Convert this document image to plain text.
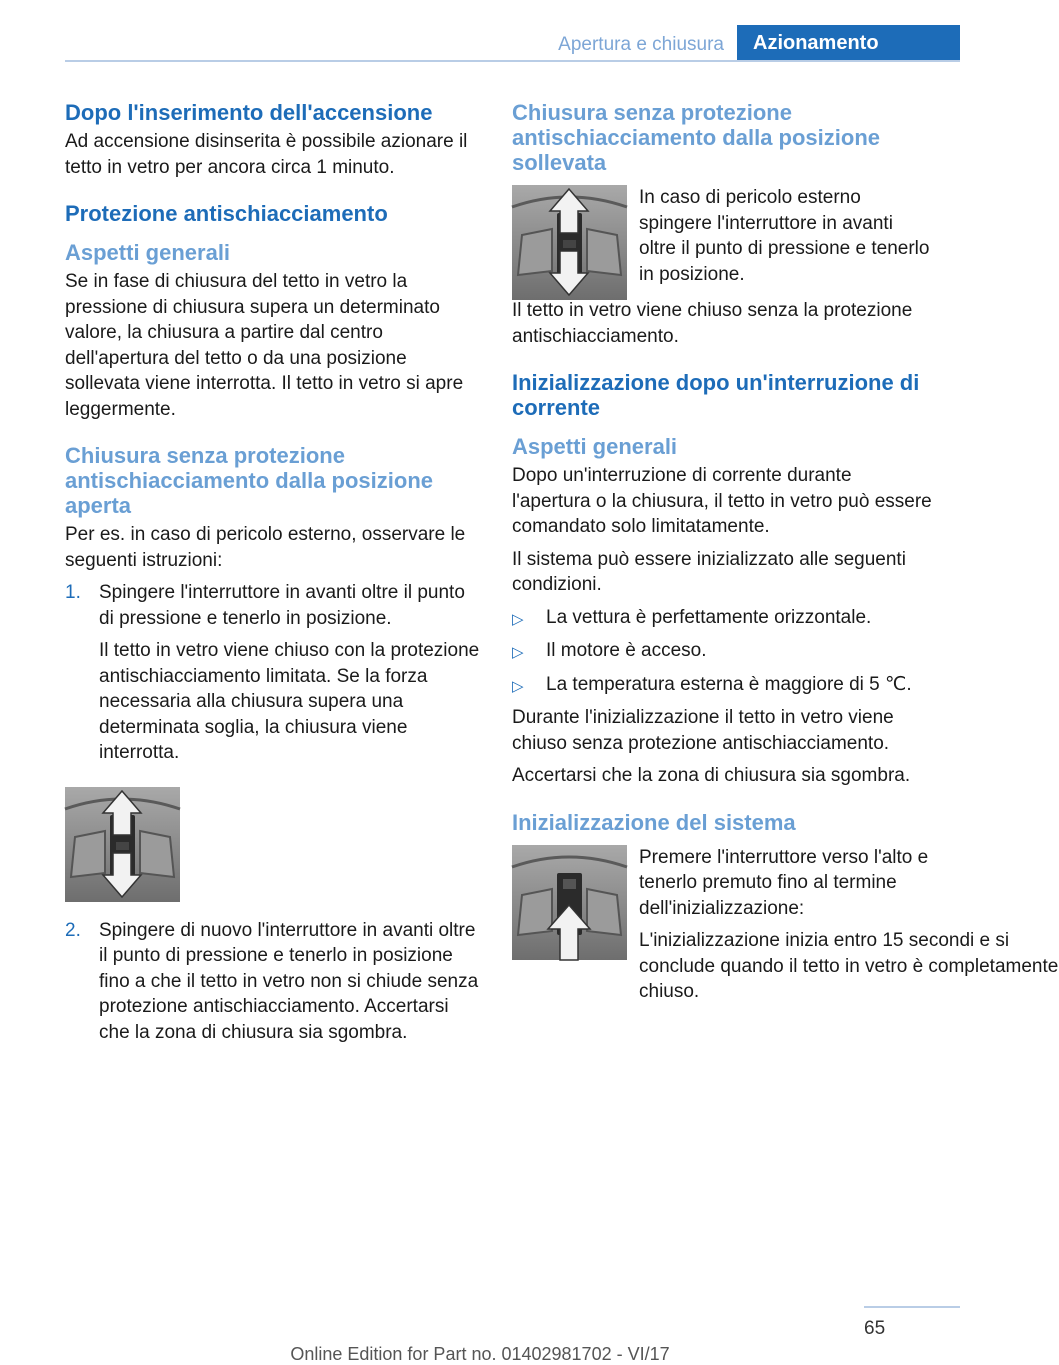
Apertura e chiusura	Azionamento
Dopo l'inserimento dell'accensione
Ad accensione disinserita è possibile azionare il tetto in vetro per ancora circa 1 minuto.
Protezione antischiacciamento
Aspetti generali
Se in fase di chiusura del tetto in vetro la pressione di chiusura supera un determinato valore, la chiusura a partire dal centro dell'apertura del tetto o da una posizione sollevata viene interrotta. Il tetto in vetro si apre leggermente.
Chiusura senza protezione antischiacciamento dalla posizione aperta
Per es. in caso di pericolo esterno, osservare le seguenti istruzioni:
1. Spingere l'interruttore in avanti oltre il punto di pressione e tenerlo in posizione.
Il tetto in vetro viene chiuso con la protezione antischiacciamento limitata. Se la forza necessaria alla chiusura supera una determinata soglia, la chiusura viene interrotta.
2. Spingere di nuovo l'interruttore in avanti oltre il punto di pressione e tenerlo in posizione fino a che il tetto in vetro non si chiude senza protezione antischiacciamento. Accertarsi che la zona di chiusura sia sgombra.
Chiusura senza protezione antischiacciamento dalla posizione sollevata
In caso di pericolo esterno spingere l'interruttore in avanti oltre il punto di pressione e tenerlo in posizione.
Il tetto in vetro viene chiuso senza la protezione antischiacciamento.
Inizializzazione dopo un'interruzione di corrente
Aspetti generali
Dopo un'interruzione di corrente durante l'apertura o la chiusura, il tetto in vetro può essere comandato solo limitatamente.
Il sistema può essere inizializzato alle seguenti condizioni.
▷	La vettura è perfettamente orizzontale.
▷	Il motore è acceso.
▷	La temperatura esterna è maggiore di 5 ℃.
Durante l'inizializzazione il tetto in vetro viene chiuso senza protezione antischiacciamento.
Accertarsi che la zona di chiusura sia sgombra.
Inizializzazione del sistema
Premere l'interruttore verso l'alto e tenerlo premuto fino al termine dell'inizializzazione:
L'inizializzazione inizia entro 15 secondi e si conclude quando il tetto in vetro è completamente chiuso.
65
Online Edition for Part no. 01402981702 - VI/17
